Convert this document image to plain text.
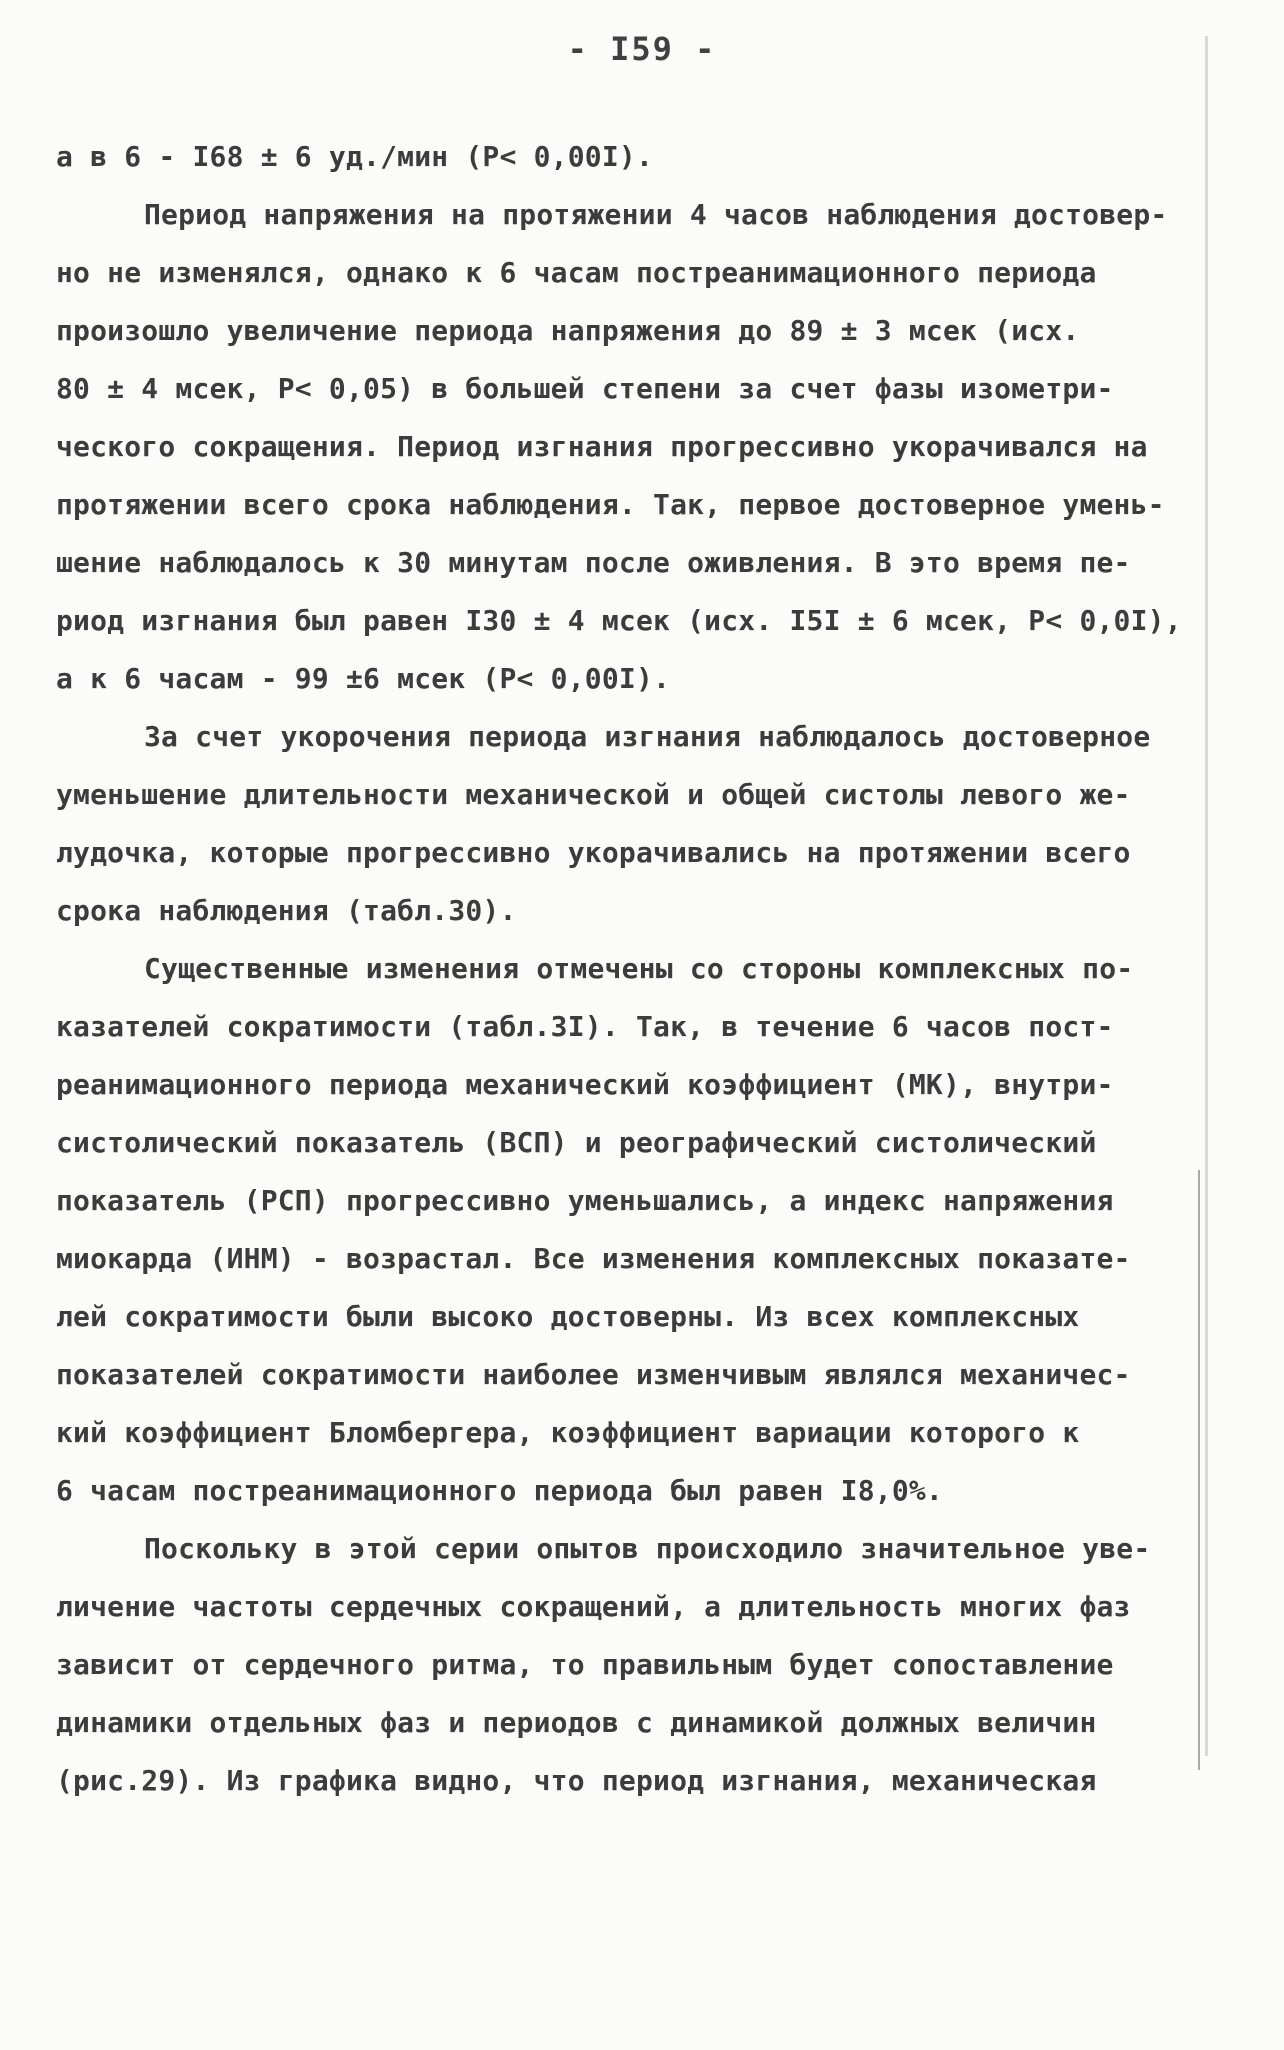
- I59 -
а в 6 - I68 ± 6 уд./мин (P< 0,00I).
Период напряжения на протяжении 4 часов наблюдения достовер-
но не изменялся, однако к 6 часам постреанимационного периода
произошло увеличение периода напряжения до 89 ± 3 мсек (исх.
80 ± 4 мсек, P< 0,05) в большей степени за счет фазы изометри-
ческого сокращения. Период изгнания прогрессивно укорачивался на
протяжении всего срока наблюдения. Так, первое достоверное умень-
шение наблюдалось к 30 минутам после оживления. В это время пе-
риод изгнания был равен I30 ± 4 мсек (исх. I5I ± 6 мсек, P< 0,0I),
а к 6 часам - 99 ±6 мсек (P< 0,00I).
За счет укорочения периода изгнания наблюдалось достоверное
уменьшение длительности механической и общей систолы левого же-
лудочка, которые прогрессивно укорачивались на протяжении всего
срока наблюдения (табл.30).
Существенные изменения отмечены со стороны комплексных по-
казателей сократимости (табл.3I). Так, в течение 6 часов пост-
реанимационного периода механический коэффициент (МК), внутри-
систолический показатель (ВСП) и реографический систолический
показатель (РСП) прогрессивно уменьшались, а индекс напряжения
миокарда (ИНМ) - возрастал. Все изменения комплексных показате-
лей сократимости были высоко достоверны. Из всех комплексных
показателей сократимости наиболее изменчивым являлся механичес-
кий коэффициент Бломбергера, коэффициент вариации которого к
6 часам постреанимационного периода был равен I8,0%.
Поскольку в этой серии опытов происходило значительное уве-
личение частоты сердечных сокращений, а длительность многих фаз
зависит от сердечного ритма, то правильным будет сопоставление
динамики отдельных фаз и периодов с динамикой должных величин
(рис.29). Из графика видно, что период изгнания, механическая
